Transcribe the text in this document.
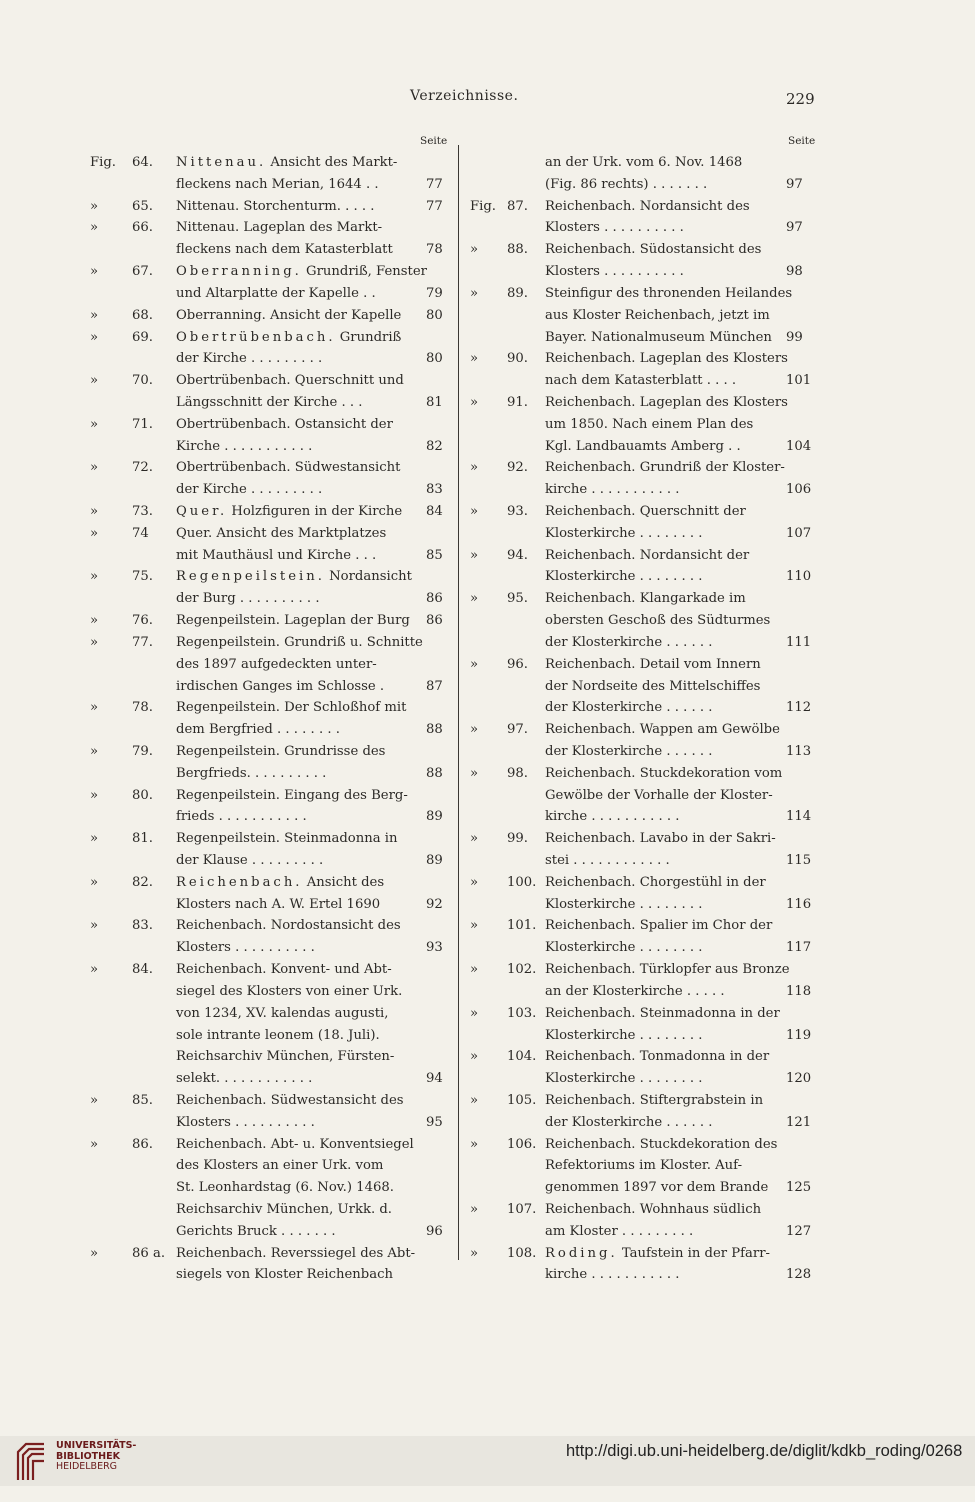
Verzeichnisse.	229
Seite	Seite
Fig. 64. Nittenau. Ansicht des Markt-
fleckens nach Merian, 1644 . .	77
»	65. Nittenau. Storchenturm. . . . .	77
»	66. Nittenau. Lageplan des Markt-
fleckens nach dem Katasterblatt	78
»	67. Oberranning. Grundriß, Fenster
und Altarplatte der Kapelle . .	79
»	68. Oberranning. Ansicht der Kapelle 80
»	69. Obertrübenbach. Grundriß
der Kirche . . . . . . . . .	80
»	70. Obertrübenbach. Querschnitt und
Längsschnitt der Kirche . . .	81
»	71. Obertrübenbach. Ostansicht der
Kirche . . . . . . . . . . .	82
»	72. Obertrübenbach. Südwestansicht
der Kirche . . . . . . . . .	83
»	73. Quer. Holzfiguren in der Kirche 84
»	74 Quer. Ansicht des Marktplatzes
mit Mauthäusl und Kirche . . .	85
»	75. Regenpeilstein. Nordansicht
der Burg . . . . . . . . . .	86
»	76. Regenpeilstein. Lageplan der Burg 86
»	77. Regenpeilstein. Grundriß u. Schnitte
des 1897 aufgedeckten unter-
irdischen Ganges im Schlosse .	87
»	78. Regenpeilstein. Der Schloßhof mit
dem Bergfried . . . . . . . .	88
»	79. Regenpeilstein. Grundrisse des
Bergfrieds. . . . . . . . . .	88
»	80. Regenpeilstein. Eingang des Berg-
frieds . . . . . . . . . . .	89
»	81. Regenpeilstein. Steinmadonna in
der Klause . . . . . . . . .	89
»	82. Reichenbach. Ansicht des
Klosters nach A. W. Ertel 1690	92
»	83. Reichenbach. Nordostansicht des
Klosters . . . . . . . . . .	93
»	84. Reichenbach. Konvent- und Abt-
siegel des Klosters von einer Urk.
von 1234, XV. kalendas augusti,
sole intrante leonem (18. Juli).
Reichsarchiv München, Fürsten-
selekt. . . . . . . . . . . .	94
»	85. Reichenbach. Südwestansicht des
Klosters . . . . . . . . . .	95
»	86. Reichenbach. Abt- u. Konventsiegel
des Klosters an einer Urk. vom
St. Leonhardstag (6. Nov.) 1468.
Reichsarchiv München, Urkk. d.
Gerichts Bruck . . . . . . .	96
»	86 a. Reichenbach. Reverssiegel des Abt-
siegels von Kloster Reichenbach
an der Urk. vom 6. Nov. 1468
(Fig. 86 rechts) . . . . . . .	97
Fig. 87. Reichenbach. Nordansicht des
Klosters . . . . . . . . . .	97
» 88. Reichenbach. Südostansicht des
Klosters . . . . . . . . . .	98
» 89. Steinfigur des thronenden Heilandes
aus Kloster Reichenbach, jetzt im
Bayer. Nationalmuseum München 99
» 90. Reichenbach. Lageplan des Klosters
nach dem Katasterblatt . . . .	101
» 91. Reichenbach. Lageplan des Klosters
um 1850. Nach einem Plan des
Kgl. Landbauamts Amberg . .	104
» 92. Reichenbach. Grundriß der Kloster-
kirche . . . . . . . . . . .	106
» 93. Reichenbach. Querschnitt der
Klosterkirche . . . . . . . .	107
» 94. Reichenbach. Nordansicht der
Klosterkirche . . . . . . . .	110
» 95. Reichenbach. Klangarkade im
obersten Geschoß des Südturmes
der Klosterkirche . . . . . .	111
» 96. Reichenbach. Detail vom Innern
der Nordseite des Mittelschiffes
der Klosterkirche . . . . . .	112
» 97. Reichenbach. Wappen am Gewölbe
der Klosterkirche . . . . . .	113
» 98. Reichenbach. Stuckdekoration vom
Gewölbe der Vorhalle der Kloster-
kirche . . . . . . . . . . .	114
» 99. Reichenbach. Lavabo in der Sakri-
stei . . . . . . . . . . . .	115
» 100. Reichenbach. Chorgestühl in der
Klosterkirche . . . . . . . .	116
» 101. Reichenbach. Spalier im Chor der
Klosterkirche . . . . . . . .	117
» 102. Reichenbach. Türklopfer aus Bronze
an der Klosterkirche . . . . .	118
» 103. Reichenbach. Steinmadonna in der
Klosterkirche . . . . . . . .	119
» 104. Reichenbach. Tonmadonna in der
Klosterkirche . . . . . . . .	120
» 105. Reichenbach. Stiftergrabstein in
der Klosterkirche . . . . . .	121
» 106. Reichenbach. Stuckdekoration des
Refektoriums im Kloster. Auf-
genommen 1897 vor dem Brande 125
» 107. Reichenbach. Wohnhaus südlich
am Kloster . . . . . . . . .	127
» 108. Roding. Taufstein in der Pfarr-
kirche . . . . . . . . . . .	128
UNIVERSITÄTS-
BIBLIOTHEK
HEIDELBERG
http://digi.ub.uni-heidelberg.de/diglit/kdkb_roding/0268
